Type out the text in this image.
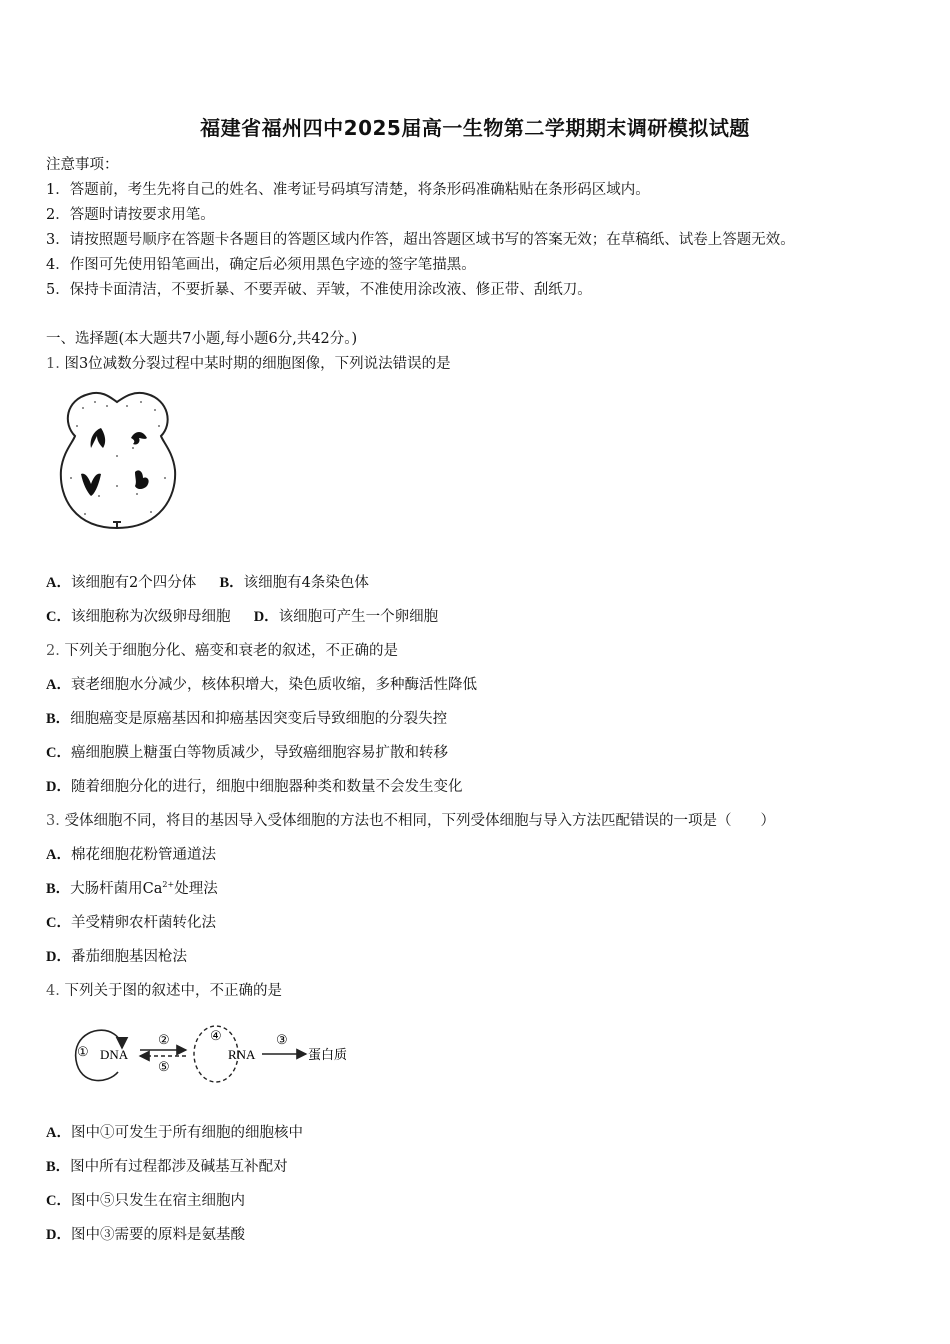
福建省福州四中2025届高一生物第二学期期末调研模拟试题
注意事项：
1．答题前，考生先将自己的姓名、准考证号码填写清楚，将条形码准确粘贴在条形码区域内。
2．答题时请按要求用笔。
3．请按照题号顺序在答题卡各题目的答题区域内作答，超出答题区域书写的答案无效；在草稿纸、试卷上答题无效。
4．作图可先使用铅笔画出，确定后必须用黑色字迹的签字笔描黑。
5．保持卡面清洁，不要折暴、不要弄破、弄皱，不准使用涂改液、修正带、刮纸刀。
一、选择题(本大题共7小题,每小题6分,共42分。)
1. 图3位减数分裂过程中某时期的细胞图像，下列说法错误的是
A．该细胞有2个四分体 B．该细胞有4条染色体
C．该细胞称为次级卵母细胞 D．该细胞可产生一个卵细胞
2. 下列关于细胞分化、癌变和衰老的叙述，不正确的是
A．衰老细胞水分减少，核体积增大，染色质收缩，多种酶活性降低
B．细胞癌变是原癌基因和抑癌基因突变后导致细胞的分裂失控
C．癌细胞膜上糖蛋白等物质减少，导致癌细胞容易扩散和转移
D．随着细胞分化的进行，细胞中细胞器种类和数量不会发生变化
3. 受体细胞不同，将目的基因导入受体细胞的方法也不相同，下列受体细胞与导入方法匹配错误的一项是（　　）
A．棉花细胞花粉管通道法
B．大肠杆菌用$Ca^{2+}$处理法
C．羊受精卵农杆菌转化法
D．番茄细胞基因枪法
4. 下列关于图的叙述中，不正确的是
① DNA
②
⑤
④
RNA
③
蛋白质
A．图中①可发生于所有细胞的细胞核中
B．图中所有过程都涉及碱基互补配对
C．图中⑤只发生在宿主细胞内
D．图中③需要的原料是氨基酸
